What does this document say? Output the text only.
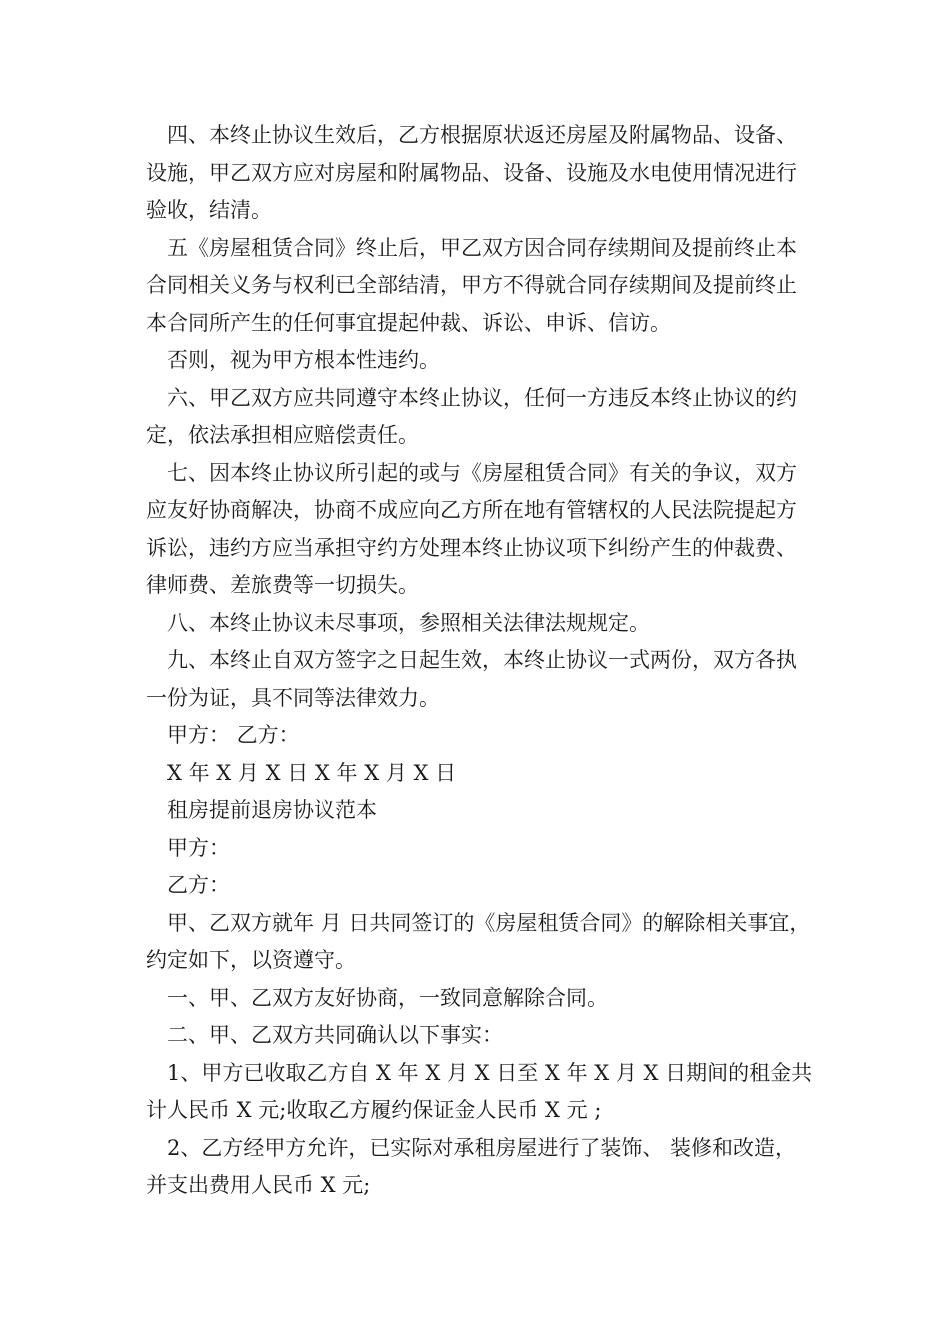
四、本终止协议生效后，乙方根据原状返还房屋及附属物品、设备、设施，甲乙双方应对房屋和附属物品、设备、设施及水电使用情况进行验收，结清。

五《房屋租赁合同》终止后，甲乙双方因合同存续期间及提前终止本合同相关义务与权利已全部结清，甲方不得就合同存续期间及提前终止本合同所产生的任何事宜提起仲裁、诉讼、申诉、信访。

否则，视为甲方根本性违约。

六、甲乙双方应共同遵守本终止协议，任何一方违反本终止协议的约定，依法承担相应赔偿责任。

七、因本终止协议所引起的或与《房屋租赁合同》有关的争议，双方应友好协商解决，协商不成应向乙方所在地有管辖权的人民法院提起方诉讼，违约方应当承担守约方处理本终止协议项下纠纷产生的仲裁费、律师费、差旅费等一切损失。

八、本终止协议未尽事项，参照相关法律法规规定。

九、本终止自双方签字之日起生效，本终止协议一式两份，双方各执一份为证，具不同等法律效力。

甲方： 乙方：

X 年 X 月 X 日 X 年 X 月 X 日

租房提前退房协议范本

甲方：

乙方：

甲、乙双方就年 月 日共同签订的《房屋租赁合同》的解除相关事宜，约定如下，以资遵守。

一、甲、乙双方友好协商，一致同意解除合同。

二、甲、乙双方共同确认以下事实：

1、甲方已收取乙方自 X 年 X 月 X 日至 X 年 X 月 X 日期间的租金共计人民币 X 元;收取乙方履约保证金人民币 X 元 ;

2、乙方经甲方允许，已实际对承租房屋进行了装饰、 装修和改造，并支出费用人民币 X 元;
